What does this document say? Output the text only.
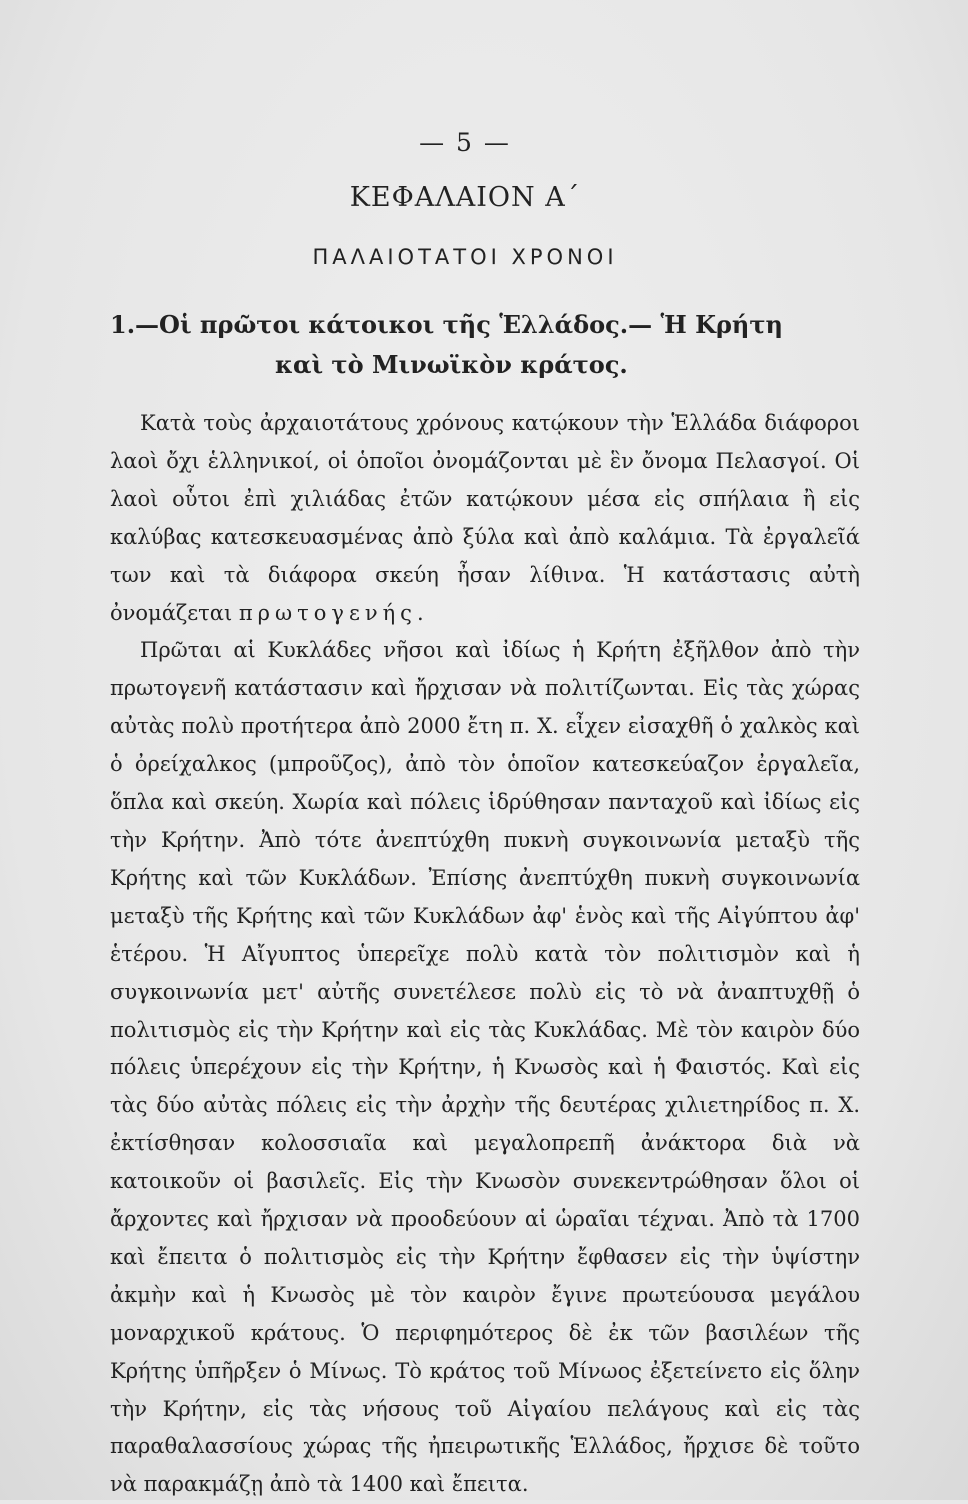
— 5 —
ΚΕΦΑΛΑΙΟΝ Α΄
ΠΑΛΑΙΟΤΑΤΟΙ ΧΡΟΝΟΙ
1.—Οἱ πρῶτοι κάτοικοι τῆς Ἑλλάδος.— Ἡ Κρήτη
καὶ τὸ Μινωϊκὸν κράτος.

Κατὰ τοὺς ἀρχαιοτάτους χρόνους κατῴκουν τὴν Ἑλλάδα διάφοροι λαοὶ ὄχι ἑλληνικοί, οἱ ὁποῖοι ὀνομάζονται μὲ ἓν ὄνομα Πελασγοί. Οἱ λαοὶ οὗτοι ἐπὶ χιλιάδας ἐτῶν κατῴκουν μέσα εἰς σπήλαια ἢ εἰς καλύβας κατεσκευασμένας ἀπὸ ξύλα καὶ ἀπὸ καλάμια. Τὰ ἐργαλεῖά των καὶ τὰ διάφορα σκεύη ἦσαν λίθινα. Ἡ κατάστασις αὐτὴ ὀνομάζεται πρωτογενής.

Πρῶται αἱ Κυκλάδες νῆσοι καὶ ἰδίως ἡ Κρήτη ἐξῆλθον ἀπὸ τὴν πρωτογενῆ κατάστασιν καὶ ἤρχισαν νὰ πολιτίζωνται. Εἰς τὰς χώρας αὐτὰς πολὺ προτήτερα ἀπὸ 2000 ἔτη π. Χ. εἶχεν εἰσαχθῆ ὁ χαλκὸς καὶ ὁ ὀρείχαλκος (μπροῦζος), ἀπὸ τὸν ὁποῖον κατεσκεύαζον ἐργαλεῖα, ὅπλα καὶ σκεύη. Χωρία καὶ πόλεις ἱδρύθησαν πανταχοῦ καὶ ἰδίως εἰς τὴν Κρήτην. Ἀπὸ τότε ἀνεπτύχθη πυκνὴ συγκοινωνία μεταξὺ τῆς Κρήτης καὶ τῶν Κυκλάδων. Ἐπίσης ἀνεπτύχθη πυκνὴ συγκοινωνία μεταξὺ τῆς Κρήτης καὶ τῶν Κυκλάδων ἀφ' ἑνὸς καὶ τῆς Αἰγύπτου ἀφ' ἑτέρου. Ἡ Αἴγυπτος ὑπερεῖχε πολὺ κατὰ τὸν πολιτισμὸν καὶ ἡ συγκοινωνία μετ' αὐτῆς συνετέλεσε πολὺ εἰς τὸ νὰ ἀναπτυχθῇ ὁ πολιτισμὸς εἰς τὴν Κρήτην καὶ εἰς τὰς Κυκλάδας. Μὲ τὸν καιρὸν δύο πόλεις ὑπερέχουν εἰς τὴν Κρήτην, ἡ Κνωσὸς καὶ ἡ Φαιστός. Καὶ εἰς τὰς δύο αὐτὰς πόλεις εἰς τὴν ἀρχὴν τῆς δευτέρας χιλιετηρίδος π. Χ. ἐκτίσθησαν κολοσσιαῖα καὶ μεγαλοπρεπῆ ἀνάκτορα διὰ νὰ κατοικοῦν οἱ βασιλεῖς. Εἰς τὴν Κνωσὸν συνεκεντρώθησαν ὅλοι οἱ ἄρχοντες καὶ ἤρχισαν νὰ προοδεύουν αἱ ὡραῖαι τέχναι. Ἀπὸ τὰ 1700 καὶ ἔπειτα ὁ πολιτισμὸς εἰς τὴν Κρήτην ἔφθασεν εἰς τὴν ὑψίστην ἀκμὴν καὶ ἡ Κνωσὸς μὲ τὸν καιρὸν ἔγινε πρωτεύουσα μεγάλου μοναρχικοῦ κράτους. Ὁ περιφημότερος δὲ ἐκ τῶν βασιλέων τῆς Κρήτης ὑπῆρξεν ὁ Μίνως. Τὸ κράτος τοῦ Μίνωος ἐξετείνετο εἰς ὅλην τὴν Κρήτην, εἰς τὰς νήσους τοῦ Αἰγαίου πελάγους καὶ εἰς τὰς παραθαλασσίους χώρας τῆς ἠπειρωτικῆς Ἑλλάδος, ἤρχισε δὲ τοῦτο νὰ παρακμάζῃ ἀπὸ τὰ 1400 καὶ ἔπειτα.
